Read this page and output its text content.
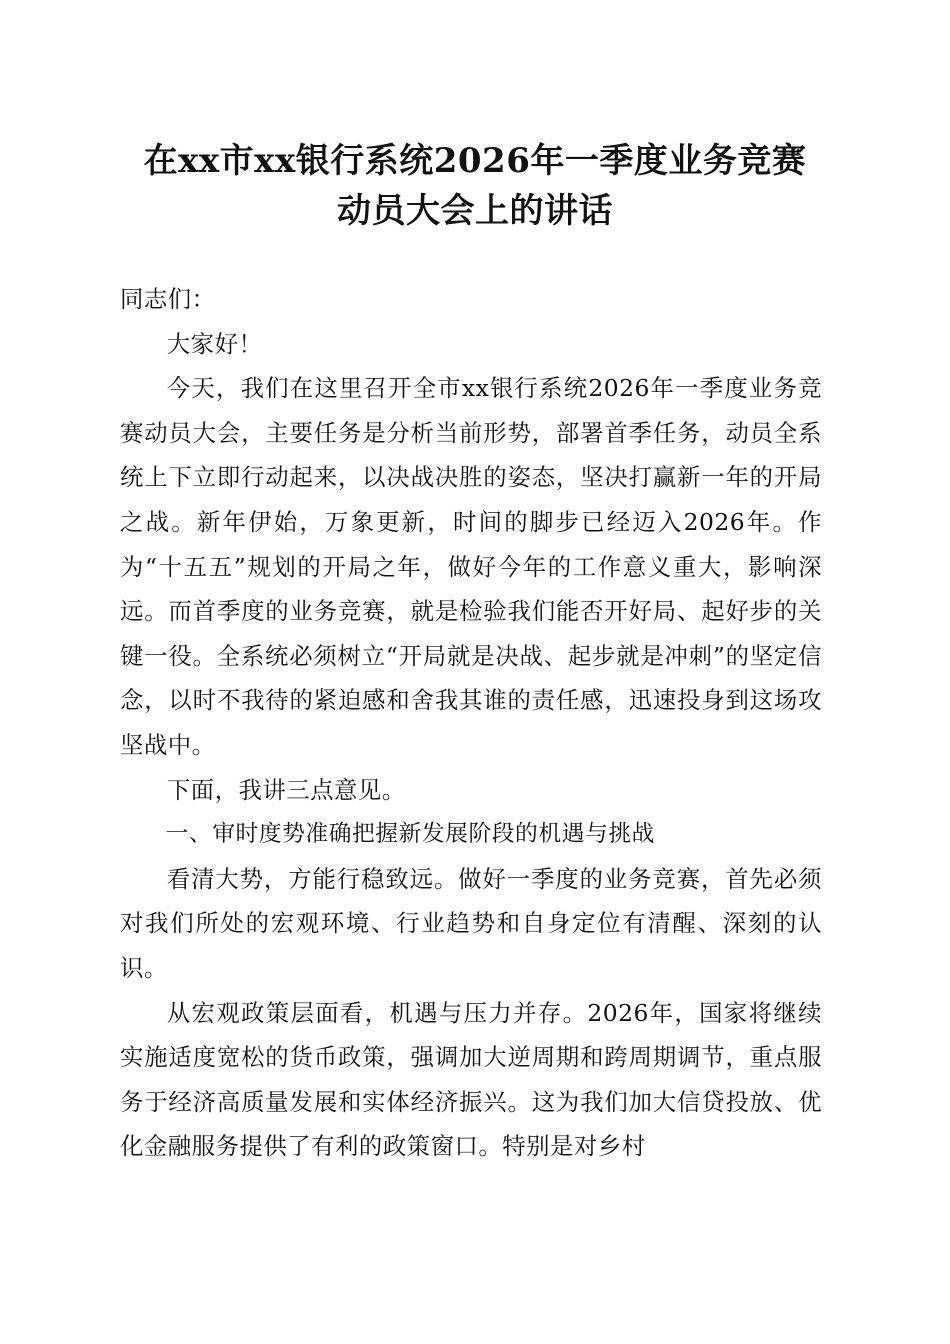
在xx市xx银行系统2026年一季度业务竞赛
动员大会上的讲话

同志们：

大家好！

今天，我们在这里召开全市xx银行系统2026年一季度业务竞赛动员大会，主要任务是分析当前形势，部署首季任务，动员全系统上下立即行动起来，以决战决胜的姿态，坚决打赢新一年的开局之战。新年伊始，万象更新，时间的脚步已经迈入2026年。作为“十五五”规划的开局之年，做好今年的工作意义重大，影响深远。而首季度的业务竞赛，就是检验我们能否开好局、起好步的关键一役。全系统必须树立“开局就是决战、起步就是冲刺”的坚定信念，以时不我待的紧迫感和舍我其谁的责任感，迅速投身到这场攻坚战中。

下面，我讲三点意见。

一、审时度势准确把握新发展阶段的机遇与挑战

看清大势，方能行稳致远。做好一季度的业务竞赛，首先必须对我们所处的宏观环境、行业趋势和自身定位有清醒、深刻的认识。

从宏观政策层面看，机遇与压力并存。2026年，国家将继续实施适度宽松的货币政策，强调加大逆周期和跨周期调节，重点服务于经济高质量发展和实体经济振兴。这为我们加大信贷投放、优化金融服务提供了有利的政策窗口。特别是对乡村
